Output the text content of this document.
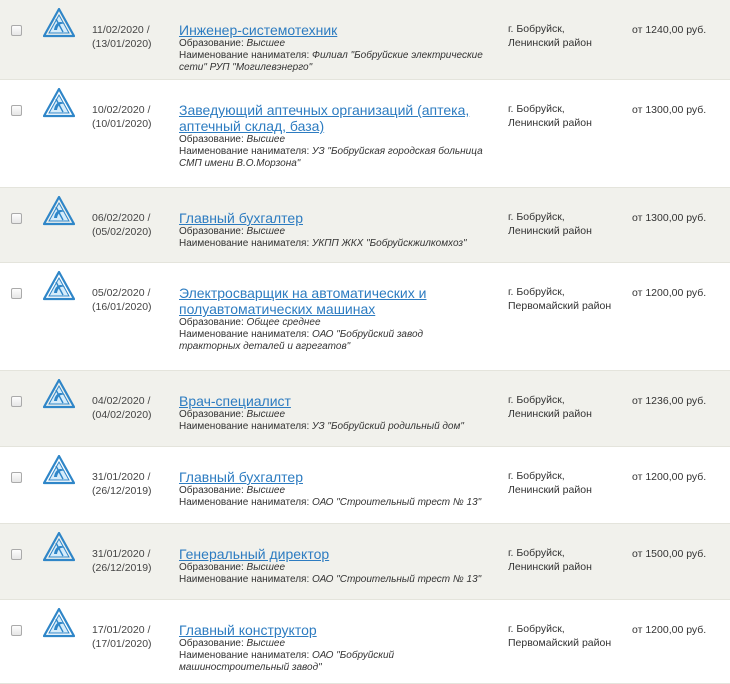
11/02/2020 /
(13/01/2020)
Инженер-системотехник
Образование: Высшее
Наименование нанимателя: Филиал "Бобруйские электрические
сети" РУП "Могилевэнерго"
г. Бобруйск,
Ленинский район
от 1240,00 руб.
10/02/2020 /
(10/01/2020)
Заведующий аптечных организаций (аптека,
аптечный склад, база)
Образование: Высшее
Наименование нанимателя: УЗ "Бобруйская городская больница
СМП имени В.О.Морзона"
г. Бобруйск,
Ленинский район
от 1300,00 руб.
06/02/2020 /
(05/02/2020)
Главный бухгалтер
Образование: Высшее
Наименование нанимателя: УКПП ЖКХ "Бобруйскжилкомхоз"
г. Бобруйск,
Ленинский район
от 1300,00 руб.
05/02/2020 /
(16/01/2020)
Электросварщик на автоматических и
полуавтоматических машинах
Образование: Общее среднее
Наименование нанимателя: ОАО "Бобруйский завод
тракторных деталей и агрегатов"
г. Бобруйск,
Первомайский район
от 1200,00 руб.
04/02/2020 /
(04/02/2020)
Врач-специалист
Образование: Высшее
Наименование нанимателя: УЗ "Бобруйский родильный дом"
г. Бобруйск,
Ленинский район
от 1236,00 руб.
31/01/2020 /
(26/12/2019)
Главный бухгалтер
Образование: Высшее
Наименование нанимателя: ОАО "Строительный трест № 13"
г. Бобруйск,
Ленинский район
от 1200,00 руб.
31/01/2020 /
(26/12/2019)
Генеральный директор
Образование: Высшее
Наименование нанимателя: ОАО "Строительный трест № 13"
г. Бобруйск,
Ленинский район
от 1500,00 руб.
17/01/2020 /
(17/01/2020)
Главный конструктор
Образование: Высшее
Наименование нанимателя: ОАО "Бобруйский
машиностроительный завод"
г. Бобруйск,
Первомайский район
от 1200,00 руб.
